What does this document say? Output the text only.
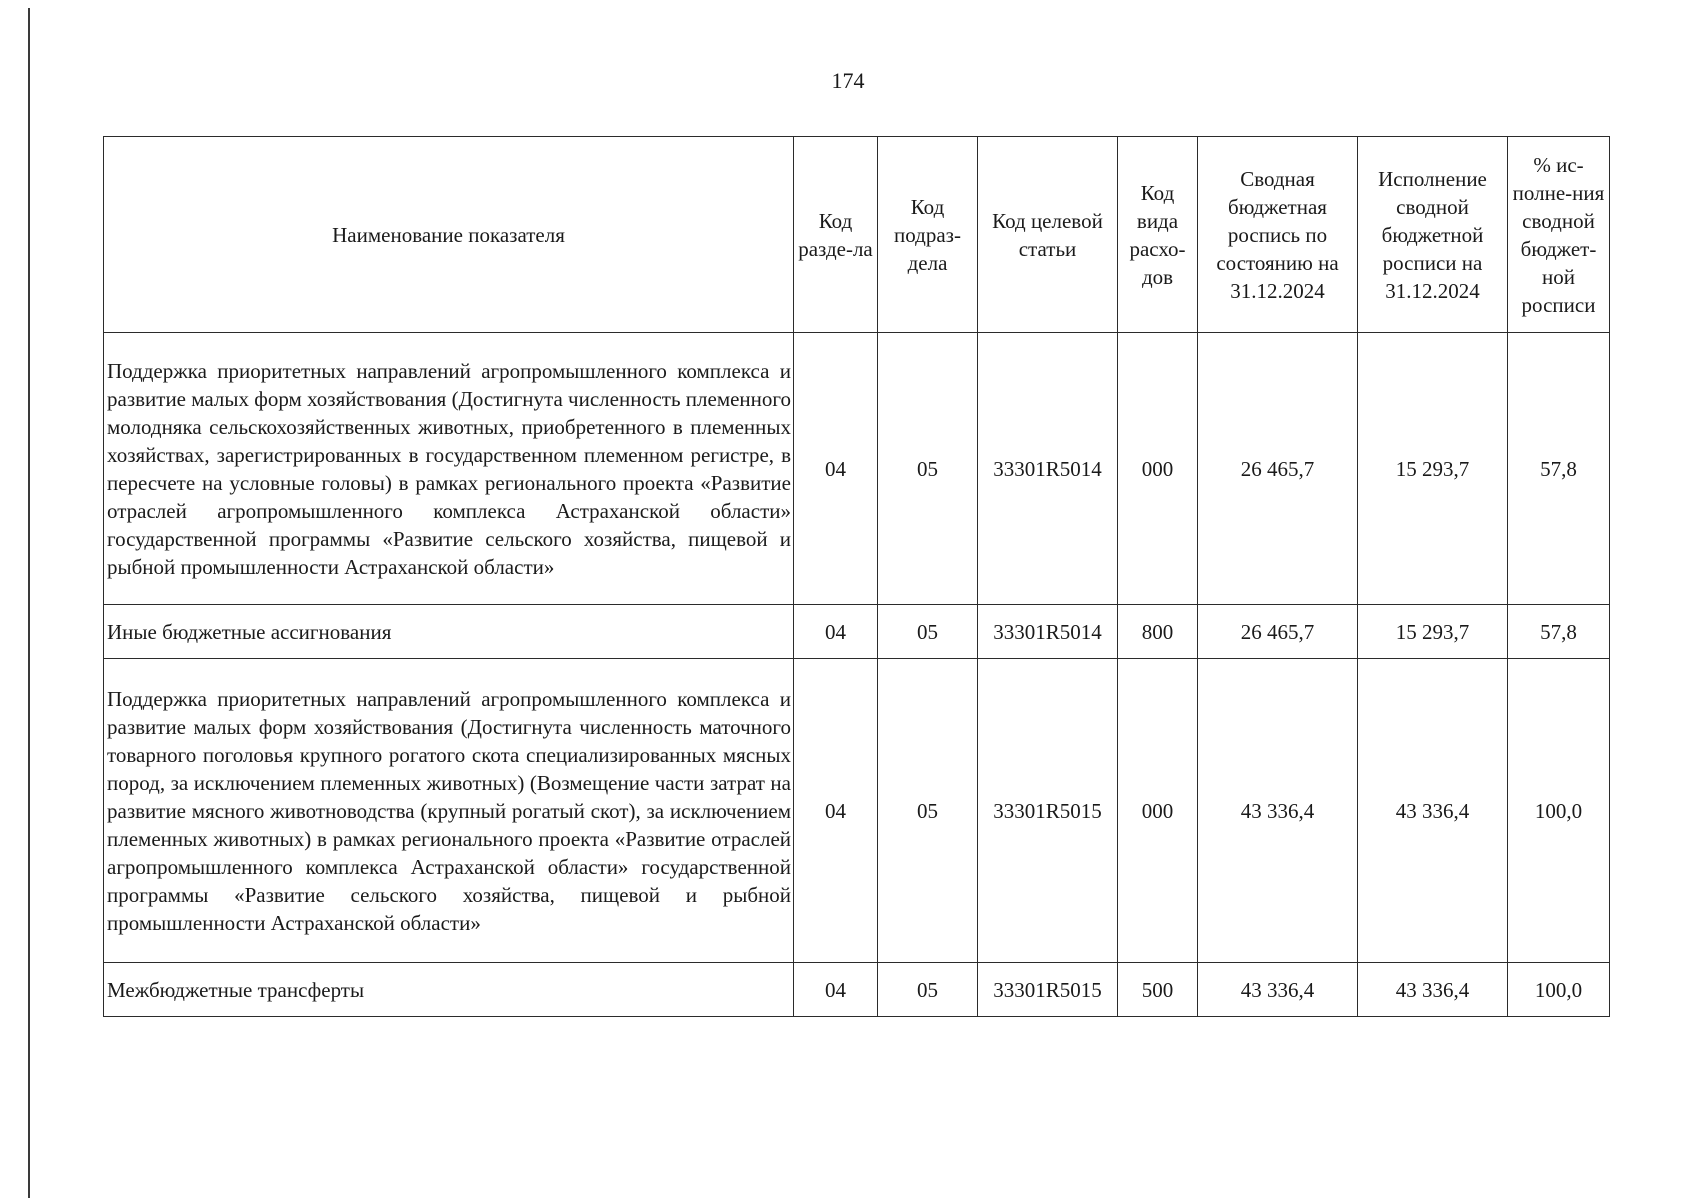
174
Наименование показателя	Код разде-ла	Код подраз-дела	Код целевой статьи	Код вида расхо-дов	Сводная бюджетная роспись по состоянию на 31.12.2024	Исполнение сводной бюджетной росписи на 31.12.2024	% ис-полне-ния сводной бюджет-ной росписи
Поддержка приоритетных направлений агропромышленного комплекса и развитие малых форм хозяйствования (Достигнута численность племенного молодняка сельскохозяйственных животных, приобретенного в племенных хозяйствах, зарегистрированных в государственном племенном регистре, в пересчете на условные головы) в рамках регионального проекта «Развитие отраслей агропромышленного комплекса Астраханской области» государственной программы «Развитие сельского хозяйства, пищевой и рыбной промышленности Астраханской области»	04	05	33301R5014	000	26 465,7	15 293,7	57,8
Иные бюджетные ассигнования	04	05	33301R5014	800	26 465,7	15 293,7	57,8
Поддержка приоритетных направлений агропромышленного комплекса и развитие малых форм хозяйствования (Достигнута численность маточного товарного поголовья крупного рогатого скота специализированных мясных пород, за исключением племенных животных) (Возмещение части затрат на развитие мясного животноводства (крупный рогатый скот), за исключением племенных животных) в рамках регионального проекта «Развитие отраслей агропромышленного комплекса Астраханской области» государственной программы «Развитие сельского хозяйства, пищевой и рыбной промышленности Астраханской области»	04	05	33301R5015	000	43 336,4	43 336,4	100,0
Межбюджетные трансферты	04	05	33301R5015	500	43 336,4	43 336,4	100,0
